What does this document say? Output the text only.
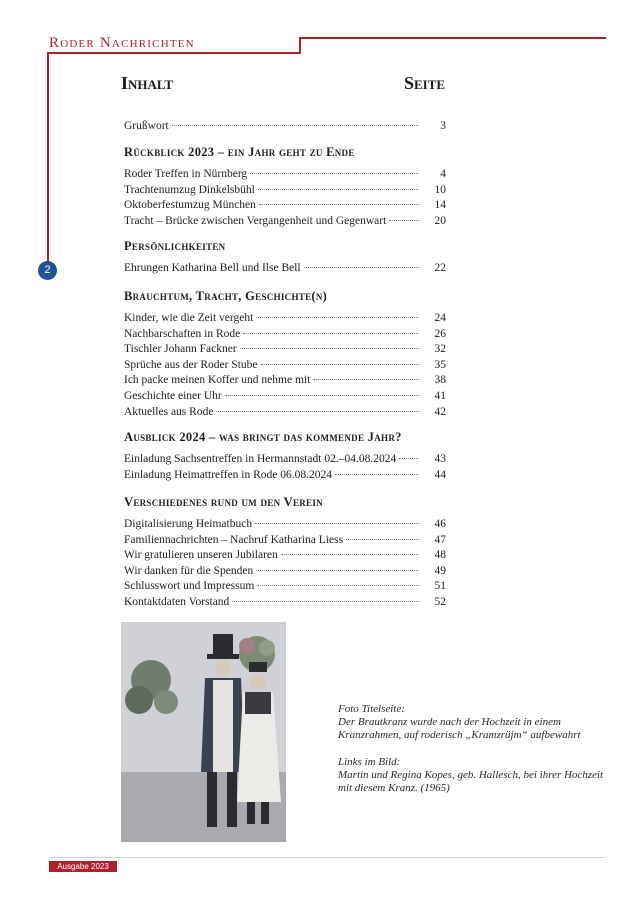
Roder Nachrichten
2
Inhalt	Seite
Grußwort	3
Rückblick 2023 – ein Jahr geht zu Ende
Roder Treffen in Nürnberg	4
Trachtenumzug Dinkelsbühl	10
Oktoberfestumzug München	14
Tracht – Brücke zwischen Vergangenheit und Gegenwart	20
Persönlichkeiten
Ehrungen Katharina Bell und Ilse Bell	22
Brauchtum, Tracht, Geschichte(n)
Kinder, wie die Zeit vergeht	24
Nachbarschaften in Rode	26
Tischler Johann Fackner	32
Sprüche aus der Roder Stube	35
Ich packe meinen Koffer und nehme mit	38
Geschichte einer Uhr	41
Aktuelles aus Rode	42
Ausblick 2024 – was bringt das kommende Jahr?
Einladung Sachsentreffen in Hermannstadt 02.–04.08.2024	43
Einladung Heimattreffen in Rode 06.08.2024	44
Verschiedenes rund um den Verein
Digitalisierung Heimatbuch	46
Familiennachrichten – Nachruf Katharina Liess	47
Wir gratulieren unseren Jubilaren	48
Wir danken für die Spenden	49
Schlusswort und Impressum	51
Kontaktdaten Vorstand	52

Foto Titelseite:
Der Brautkranz wurde nach der Hochzeit in einem Kranzrahmen, auf roderisch „Kramzrüjm“ aufbewahrt

Links im Bild:
Martin und Regina Kopes, geb. Hallesch, bei ihrer Hochzeit mit diesem Kranz. (1965)

Ausgabe 2023
